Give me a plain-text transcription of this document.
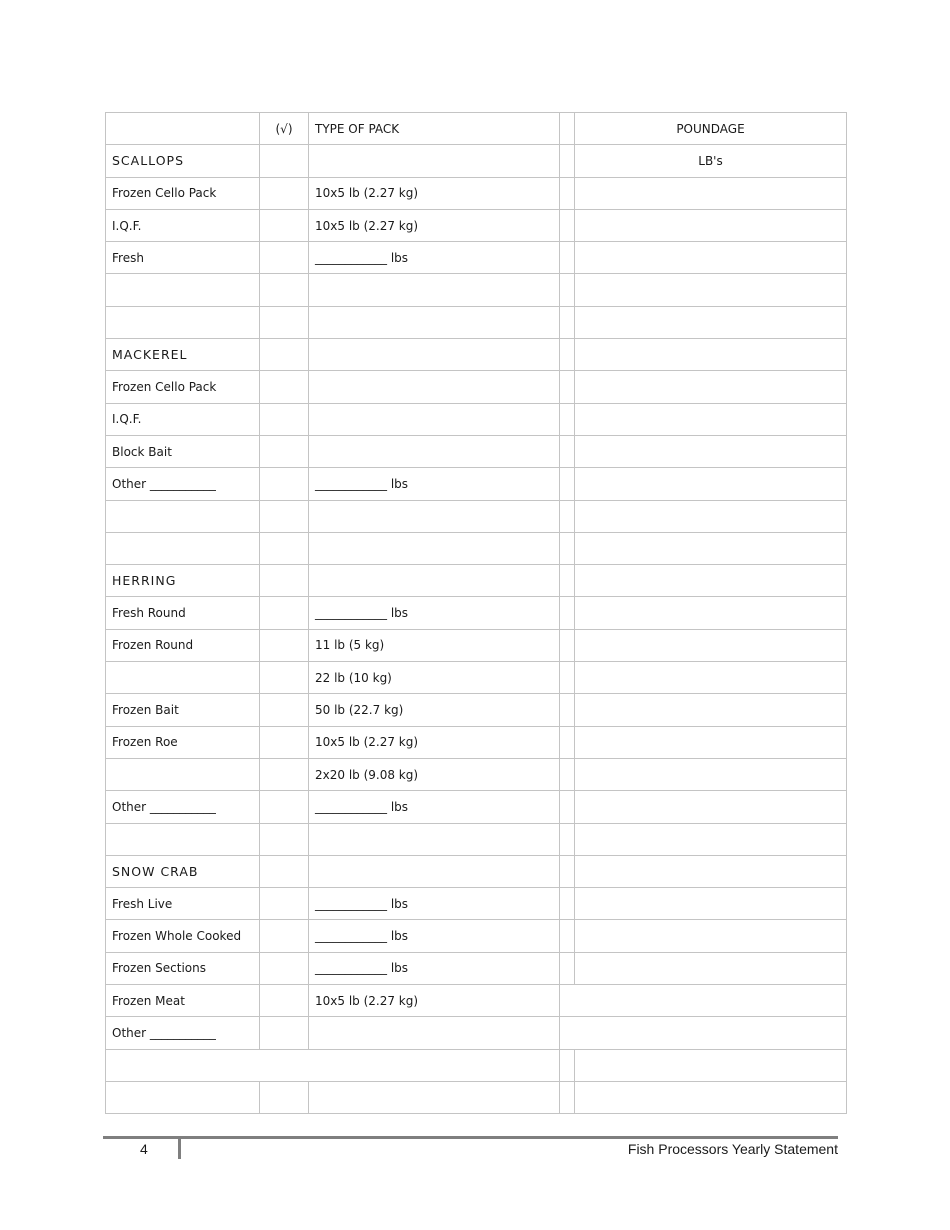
	(√)	TYPE OF PACK		POUNDAGE
SCALLOPS				LB's
Frozen Cello Pack		10x5 lb (2.27 kg)		
I.Q.F.		10x5 lb (2.27 kg)		
Fresh		____________ lbs		

MACKEREL				
Frozen Cello Pack				
I.Q.F.				
Block Bait				
Other ___________		____________ lbs		

HERRING				
Fresh Round		____________ lbs		
Frozen Round		11 lb (5 kg)		
		22 lb (10 kg)		
Frozen Bait		50 lb (22.7 kg)		
Frozen Roe		10x5 lb (2.27 kg)		
		2x20 lb (9.08 kg)		
Other ___________		____________ lbs		

SNOW CRAB				
Fresh Live		____________ lbs		
Frozen Whole Cooked		____________ lbs		
Frozen Sections		____________ lbs		
Frozen Meat		10x5 lb (2.27 kg)		
Other ___________				

4	Fish Processors Yearly Statement
